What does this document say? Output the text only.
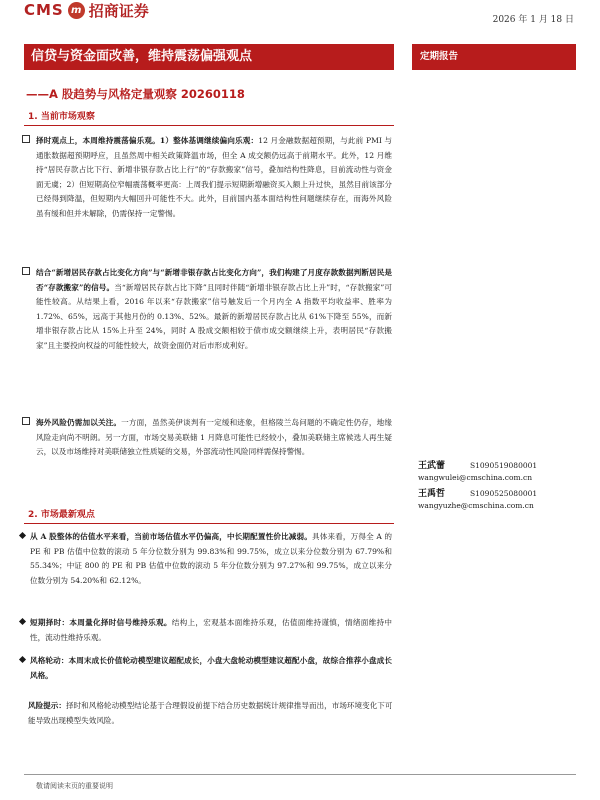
CMS m 招商证券
2026 年 1 月 18 日
信贷与资金面改善，维持震荡偏强观点	定期报告
——A 股趋势与风格定量观察 20260118
1. 当前市场观察
择时观点上，本周维持震荡偏乐观。1）整体基调继续偏向乐观：12 月金融数据超预期，与此前 PMI 与通胀数据超预期呼应，且虽然周中相关政策降温市场，但全 A 成交额仍远高于前期水平。此外，12 月维持“居民存款占比下行、新增非银存款占比上行”的“存款搬家”信号，叠加结构性降息，目前流动性与资金面无虞；2）但短期高位窄幅震荡概率更高：上周我们提示短期新增融资买入额上升过快，虽然目前该部分已经得到降温，但短期内大幅回升可能性不大。此外，目前国内基本面结构性问题继续存在，而海外风险虽有缓和但并未解除，仍需保持一定警惕。
结合“新增居民存款占比变化方向”与“新增非银存款占比变化方向”，我们构建了月度存款数据判断居民是否“存款搬家”的信号。当“新增居民存款占比下降”且同时伴随“新增非银存款占比上升”时，“存款搬家”可能性较高。从结果上看，2016 年以来“存款搬家”信号触发后一个月内全 A 指数平均收益率、胜率为 1.72%、65%，远高于其他月份的 0.13%、52%。最新的新增居民存款占比从 61%下降至 55%，而新增非银存款占比从 15%上升至 24%，同时 A 股成交额相较于债市成交额继续上升，表明居民“存款搬家”且主要投向权益的可能性较大，故资金面仍对后市形成利好。
海外风险仍需加以关注。一方面，虽然美伊谈判有一定缓和迹象，但格陵兰岛问题的不确定性仍存，地缘风险走向尚不明朗。另一方面，市场交易美联储 1 月降息可能性已经较小，叠加美联储主席候选人再生疑云，以及市场维持对美联储独立性质疑的交易，外部流动性风险同样需保持警惕。
2. 市场最新观点
从 A 股整体的估值水平来看，当前市场估值水平仍偏高，中长期配置性价比减弱。具体来看，万得全 A 的 PE 和 PB 估值中位数的滚动 5 年分位数分别为 99.83%和 99.75%，成立以来分位数分别为 67.79%和 55.34%；中证 800 的 PE 和 PB 估值中位数的滚动 5 年分位数分别为 97.27%和 99.75%，成立以来分位数分别为 54.20%和 62.12%。
短期择时：本周量化择时信号维持乐观。结构上，宏观基本面维持乐观，估值面维持谨慎，情绪面维持中性，流动性维持乐观。
风格轮动：本周末成长价值轮动模型建议超配成长，小盘大盘轮动模型建议超配小盘，故综合推荐小盘成长风格。
风险提示：择时和风格轮动模型结论基于合理假设前提下结合历史数据统计规律推导而出，市场环境变化下可能导致出现模型失效风险。
王武蕾	S1090519080001
wangwulei@cmschina.com.cn
王禹哲	S1090525080001
wangyuzhe@cmschina.com.cn
敬请阅读末页的重要说明
